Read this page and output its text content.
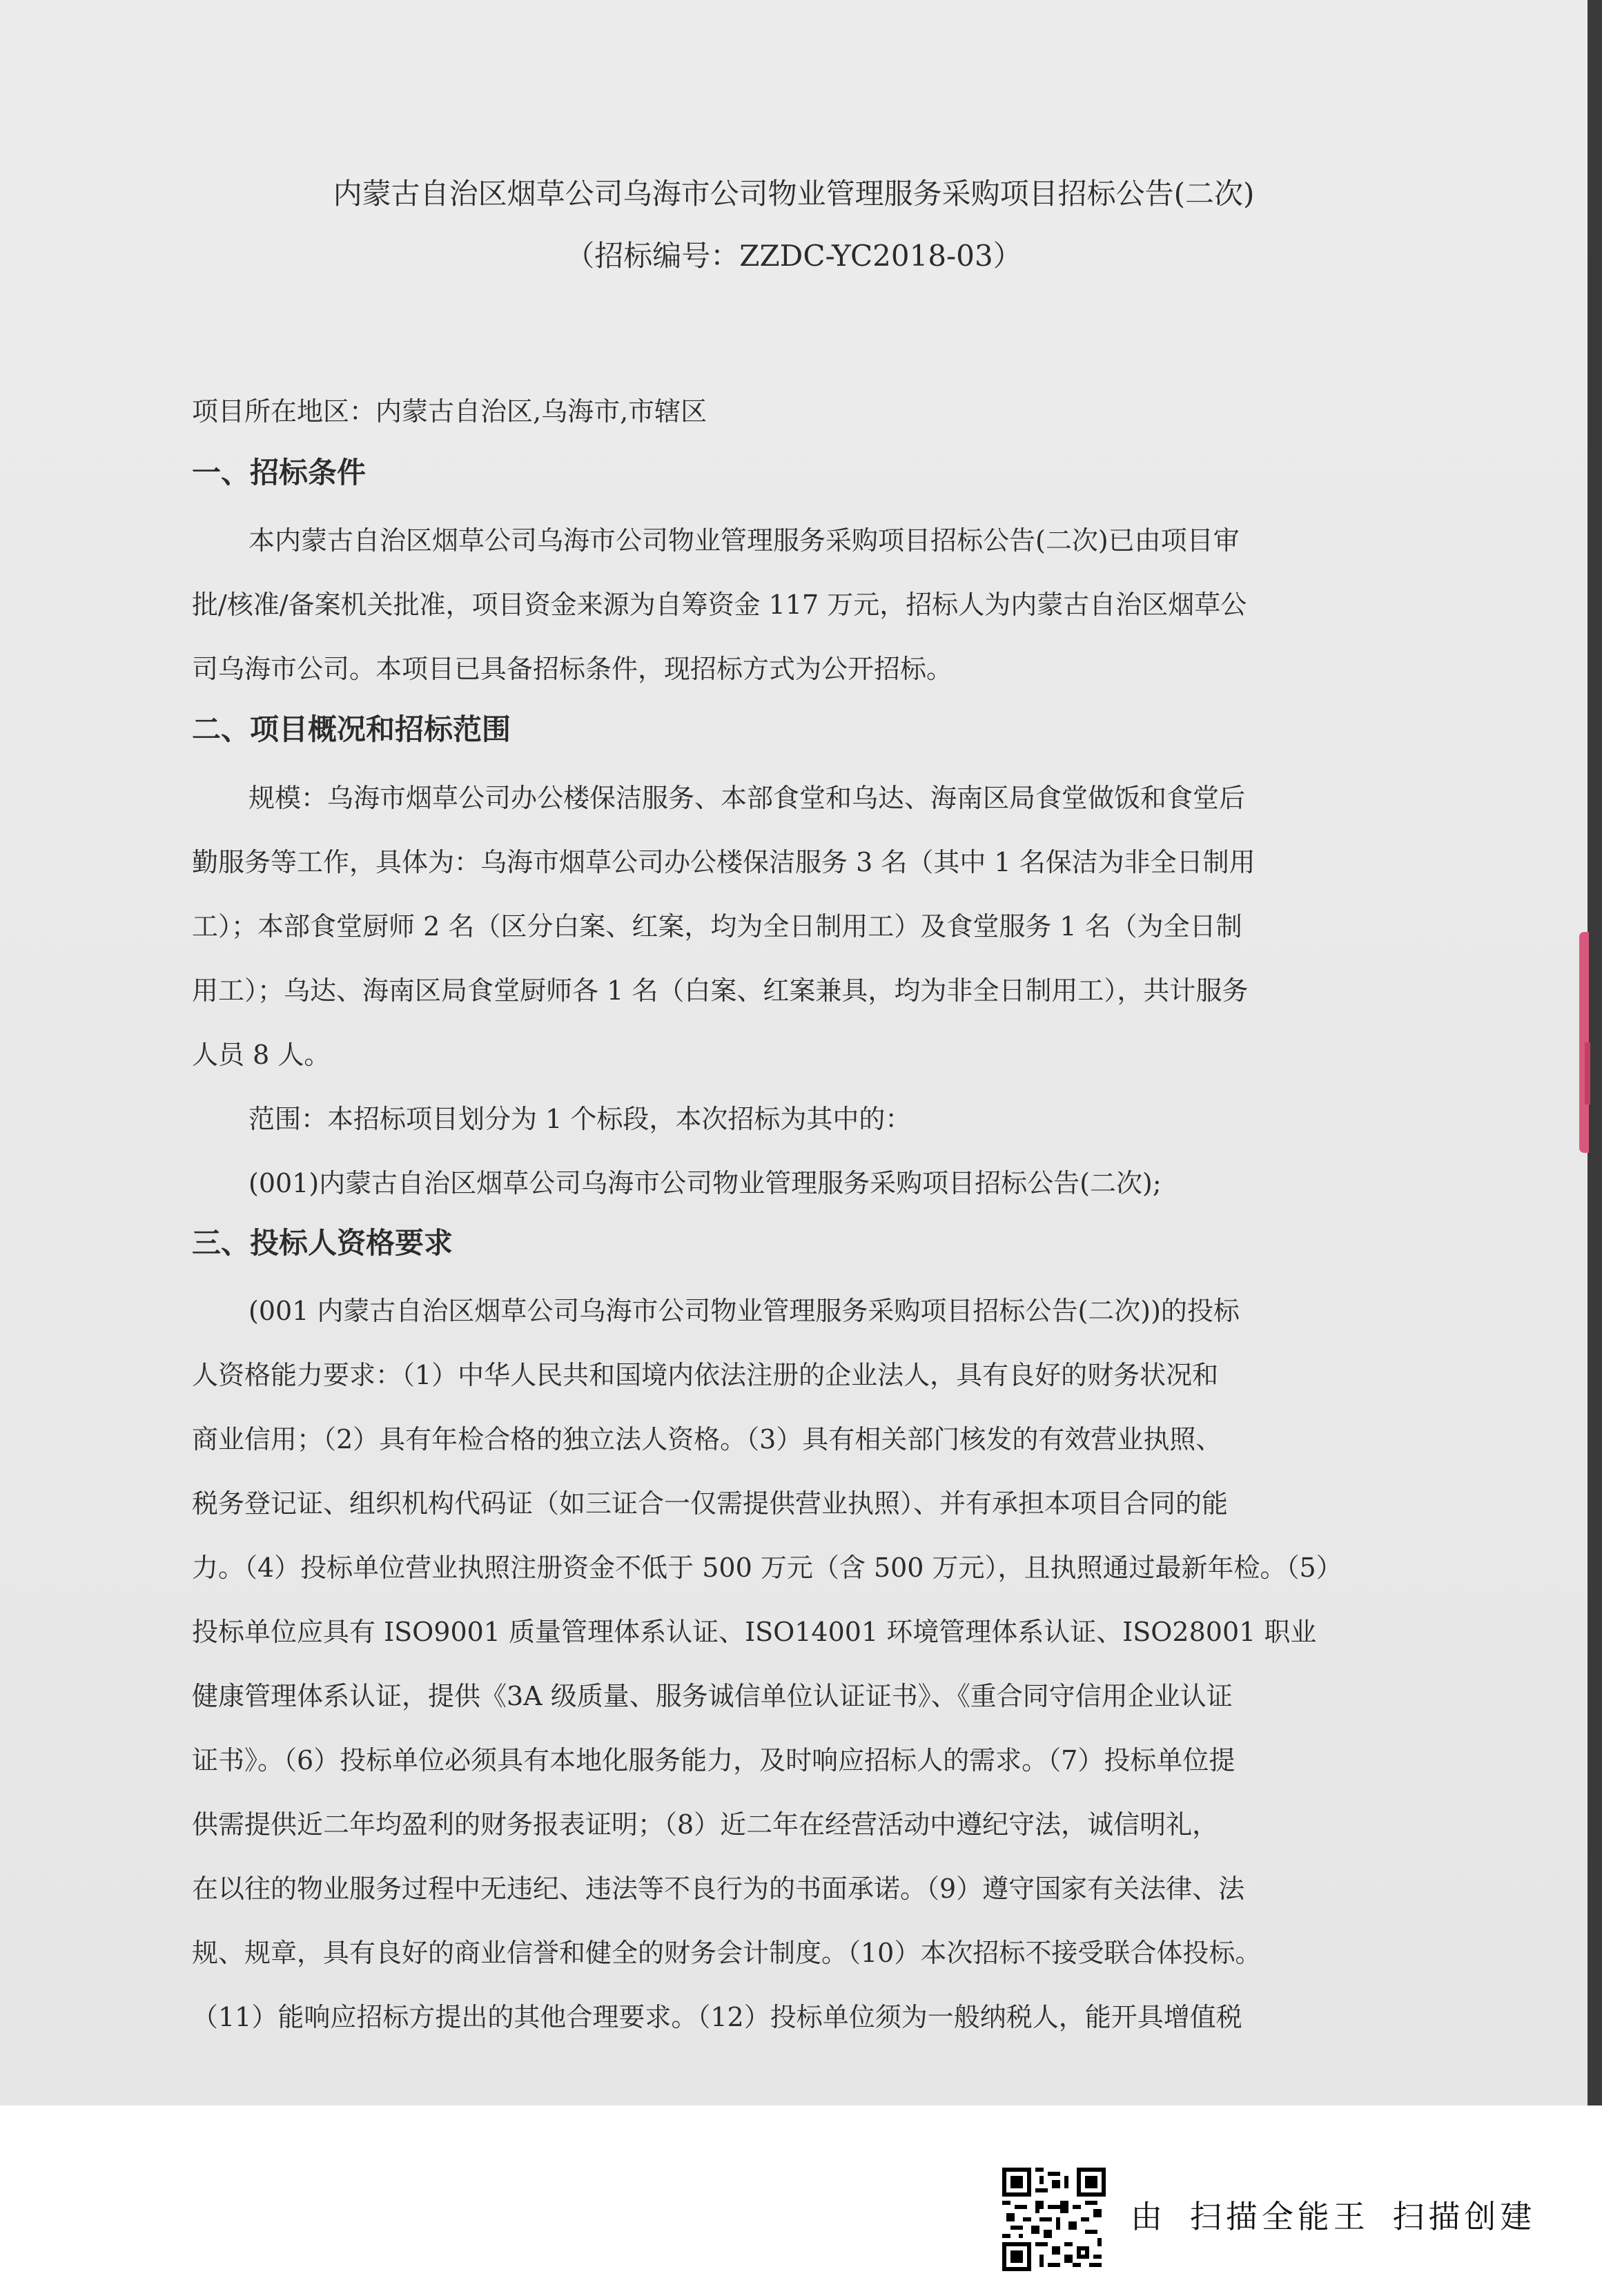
内蒙古自治区烟草公司乌海市公司物业管理服务采购项目招标公告(二次)
（招标编号：ZZDC-YC2018-03）
项目所在地区：内蒙古自治区,乌海市,市辖区
一、招标条件
本内蒙古自治区烟草公司乌海市公司物业管理服务采购项目招标公告(二次)已由项目审
批/核准/备案机关批准，项目资金来源为自筹资金 117 万元，招标人为内蒙古自治区烟草公
司乌海市公司。本项目已具备招标条件，现招标方式为公开招标。
二、项目概况和招标范围
规模：乌海市烟草公司办公楼保洁服务、本部食堂和乌达、海南区局食堂做饭和食堂后
勤服务等工作，具体为：乌海市烟草公司办公楼保洁服务 3 名（其中 1 名保洁为非全日制用
工）；本部食堂厨师 2 名（区分白案、红案，均为全日制用工）及食堂服务 1 名（为全日制
用工）；乌达、海南区局食堂厨师各 1 名（白案、红案兼具，均为非全日制用工），共计服务
人员 8 人。
范围：本招标项目划分为 1 个标段，本次招标为其中的：
(001)内蒙古自治区烟草公司乌海市公司物业管理服务采购项目招标公告(二次);
三、投标人资格要求
(001 内蒙古自治区烟草公司乌海市公司物业管理服务采购项目招标公告(二次))的投标
人资格能力要求：（1）中华人民共和国境内依法注册的企业法人，具有良好的财务状况和
商业信用；（2）具有年检合格的独立法人资格。（3）具有相关部门核发的有效营业执照、
税务登记证、组织机构代码证（如三证合一仅需提供营业执照）、并有承担本项目合同的能
力。（4）投标单位营业执照注册资金不低于 500 万元（含 500 万元），且执照通过最新年检。（5）
投标单位应具有 ISO9001 质量管理体系认证、ISO14001 环境管理体系认证、ISO28001 职业
健康管理体系认证，提供《3A 级质量、服务诚信单位认证证书》、《重合同守信用企业认证
证书》。（6）投标单位必须具有本地化服务能力，及时响应招标人的需求。（7）投标单位提
供需提供近二年均盈利的财务报表证明；（8）近二年在经营活动中遵纪守法，诚信明礼，
在以往的物业服务过程中无违纪、违法等不良行为的书面承诺。（9）遵守国家有关法律、法
规、规章，具有良好的商业信誉和健全的财务会计制度。（10）本次招标不接受联合体投标。
（11）能响应招标方提出的其他合理要求。（12）投标单位须为一般纳税人，能开具增值税
由 扫描全能王 扫描创建
